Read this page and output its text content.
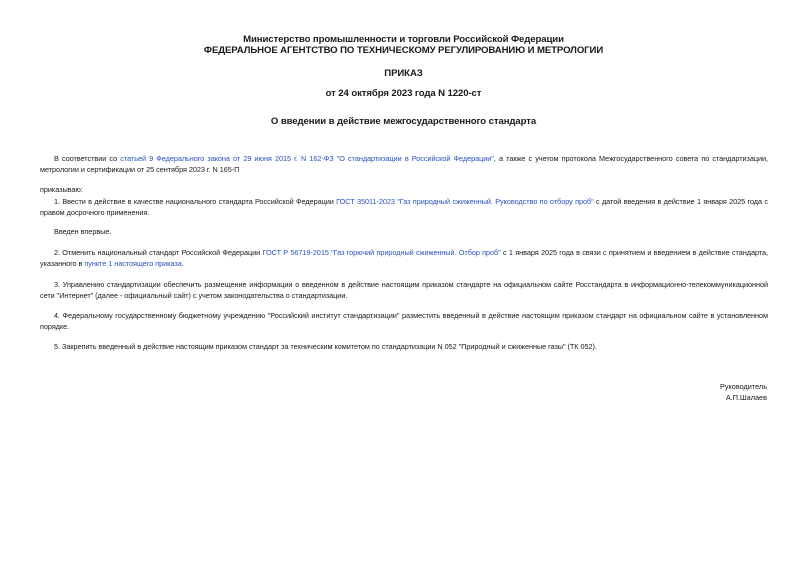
Министерство промышленности и торговли Российской Федерации
ФЕДЕРАЛЬНОЕ АГЕНТСТВО ПО ТЕХНИЧЕСКОМУ РЕГУЛИРОВАНИЮ И МЕТРОЛОГИИ
ПРИКАЗ
от 24 октября 2023 года N 1220-ст
О введении в действие межгосударственного стандарта
В соответствии со статьей 9 Федерального закона от 29 июня 2015 г. N 162-ФЗ "О стандартизации в Российской Федерации", а также с учетом протокола Межгосударственного совета по стандартизации, метрологии и сертификации от 25 сентября 2023 г. N 165-П
приказываю:
1. Ввести в действие в качестве национального стандарта Российской Федерации ГОСТ 35011-2023 "Газ природный сжиженный. Руководство по отбору проб" с датой введения в действие 1 января 2025 года с правом досрочного применения.
Введен впервые.
2. Отменить национальный стандарт Российской Федерации ГОСТ Р 56719-2015 "Газ горючий природный сжиженный. Отбор проб" с 1 января 2025 года в связи с принятием и введением в действие стандарта, указанного в пункте 1 настоящего приказа.
3. Управлению стандартизации обеспечить размещение информации о введенном в действие настоящим приказом стандарте на официальном сайте Росстандарта в информационно-телекоммуникационной сети "Интернет" (далее - официальный сайт) с учетом законодательства о стандартизации.
4. Федеральному государственному бюджетному учреждению "Российский институт стандартизации" разместить введенный в действие настоящим приказом стандарт на официальном сайте в установленном порядке.
5. Закрепить введенный в действие настоящим приказом стандарт за техническим комитетом по стандартизации N 052 "Природный и сжиженные газы" (ТК 052).
Руководитель
А.П.Шалаев
